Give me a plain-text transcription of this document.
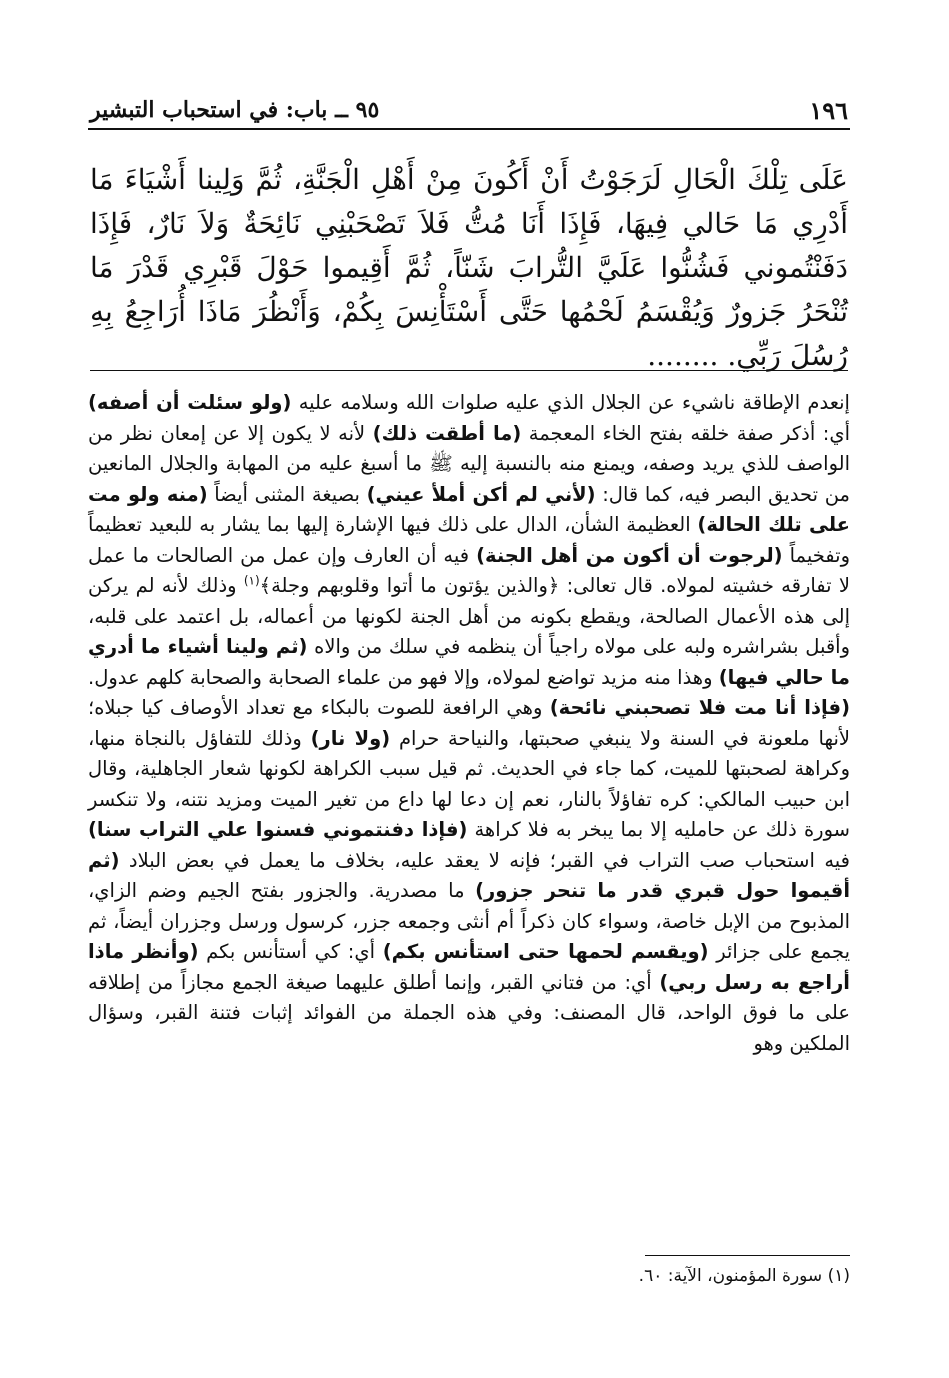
١٩٦
٩٥ ــ باب: في استحباب التبشير
عَلَى تِلْكَ الْحَالِ لَرَجَوْتُ أَنْ أَكُونَ مِنْ أَهْلِ الْجَنَّةِ، ثُمَّ وَلِينا أَشْيَاءَ مَا أَدْرِي مَا حَالي فِيهَا، فَإِذَا أَنَا مُتُّ فَلاَ تَصْحَبْنِي نَائِحَةٌ وَلاَ نَارٌ، فَإِذَا دَفَنْتُموني فَشُنُّوا عَلَيَّ التُّرابَ شَنّاً، ثُمَّ أَقِيموا حَوْلَ قَبْرِي قَدْرَ مَا تُنْحَرُ جَزورٌ وَيُقْسَمُ لَحْمُها حَتَّى أَسْتَأْنِسَ بِكُمْ، وَأَنْظُرَ مَاذَا أُرَاجِعُ بِهِ رُسُلَ رَبِّي. ........

إنعدم الإطاقة ناشيء عن الجلال الذي عليه صلوات الله وسلامه عليه (ولو سئلت أن أصفه) أي: أذكر صفة خلقه بفتح الخاء المعجمة (ما أطقت ذلك) لأنه لا يكون إلا عن إمعان نظر من الواصف للذي يريد وصفه، ويمنع منه بالنسبة إليه ﷺ ما أسبغ عليه من المهابة والجلال المانعين من تحديق البصر فيه، كما قال: (لأني لم أكن أملأ عيني) بصيغة المثنى أيضاً (منه ولو مت على تلك الحالة) العظيمة الشأن، الدال على ذلك فيها الإشارة إليها بما يشار به للبعيد تعظيماً وتفخيماً (لرجوت أن أكون من أهل الجنة) فيه أن العارف وإن عمل من الصالحات ما عمل لا تفارقه خشيته لمولاه. قال تعالى: ﴿والذين يؤتون ما أتوا وقلوبهم وجلة﴾$^{(١)}$ وذلك لأنه لم يركن إلى هذه الأعمال الصالحة، ويقطع بكونه من أهل الجنة لكونها من أعماله، بل اعتمد على قلبه، وأقبل بشراشره ولبه على مولاه راجياً أن ينظمه في سلك من والاه (ثم ولينا أشياء ما أدري ما حالي فيها) وهذا منه مزيد تواضع لمولاه، وإلا فهو من علماء الصحابة والصحابة كلهم عدول. (فإذا أنا مت فلا تصحبني نائحة) وهي الرافعة للصوت بالبكاء مع تعداد الأوصاف كيا جبلاه؛ لأنها ملعونة في السنة ولا ينبغي صحبتها، والنياحة حرام (ولا نار) وذلك للتفاؤل بالنجاة منها، وكراهة لصحبتها للميت، كما جاء في الحديث. ثم قيل سبب الكراهة لكونها شعار الجاهلية، وقال ابن حبيب المالكي: كره تفاؤلاً بالنار، نعم إن دعا لها داع من تغير الميت ومزيد نتنه، ولا تنكسر سورة ذلك عن حامليه إلا بما يبخر به فلا كراهة (فإذا دفنتموني فسنوا علي التراب سنا) فيه استحباب صب التراب في القبر؛ فإنه لا يعقد عليه، بخلاف ما يعمل في بعض البلاد (ثم أقيموا حول قبري قدر ما تنحر جزور) ما مصدرية. والجزور بفتح الجيم وضم الزاي، المذبوح من الإبل خاصة، وسواء كان ذكراً أم أنثى وجمعه جزر، كرسول ورسل وجزران أيضاً، ثم يجمع على جزائر (ويقسم لحمها حتى استأنس بكم) أي: كي أستأنس بكم (وأنظر ماذا أراجع به رسل ربي) أي: من فتاني القبر، وإنما أطلق عليهما صيغة الجمع مجازاً من إطلاقه على ما فوق الواحد، قال المصنف: وفي هذه الجملة من الفوائد إثبات فتنة القبر، وسؤال الملكين وهو

(١) سورة المؤمنون، الآية: ٦٠.
